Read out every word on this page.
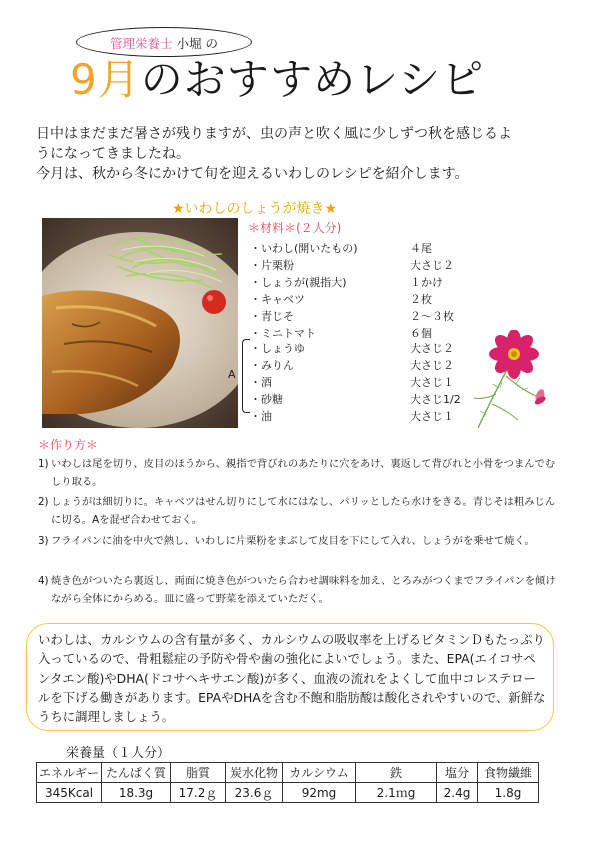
管理栄養士 小堀 の
9月のおすすめレシピ

日中はまだまだ暑さが残りますが、虫の声と吹く風に少しずつ秋を感じるよ

うになってきましたね。

今月は、秋から冬にかけて旬を迎えるいわしのレシピを紹介します。

★いわしのしょうが焼き★
＊材料＊(２人分)
・いわし(開いたもの)	４尾
・片栗粉	大さじ２
・しょうが(親指大)	１かけ
・キャベツ	２枚
・青じそ	２～３枚
・ミニトマト	６個
A
・しょうゆ	大さじ２
・みりん	大さじ２
・酒	大さじ１
・砂糖	大さじ1/2
・油	大さじ１
＊作り方＊
1) いわしは尾を切り、皮目のほうから、親指で背びれのあたりに穴をあけ、裏返して背びれと小骨をつまんでむしり取る。
2) しょうがは細切りに。キャベツはせん切りにして水にはなし、パリッとしたら水けをきる。青じそは粗みじんに切る。Aを混ぜ合わせておく。
3) フライパンに油を中火で熱し、いわしに片栗粉をまぶして皮目を下にして入れ、しょうがを乗せて焼く。
4) 焼き色がついたら裏返し、両面に焼き色がついたら合わせ調味料を加え、とろみがつくまでフライパンを傾けながら全体にからめる。皿に盛って野菜を添えていただく。
いわしは、カルシウムの含有量が多く、カルシウムの吸収率を上げるビタミンＤもたっぷり入っているので、骨粗鬆症の予防や骨や歯の強化によいでしょう。また、EPA(エイコサペンタエン酸)やDHA(ドコサヘキサエン酸)が多く、血液の流れをよくして血中コレステロールを下げる働きがあります。EPAやDHAを含む不飽和脂肪酸は酸化されやすいので、新鮮なうちに調理しましょう。
栄養量（１人分）
エネルギー	たんぱく質	脂質	炭水化物	カルシウム	鉄	塩分	食物繊維
345Kcal	18.3g	17.2ｇ	23.6ｇ	92mg	2.1ｍg	2.4g	1.8g
